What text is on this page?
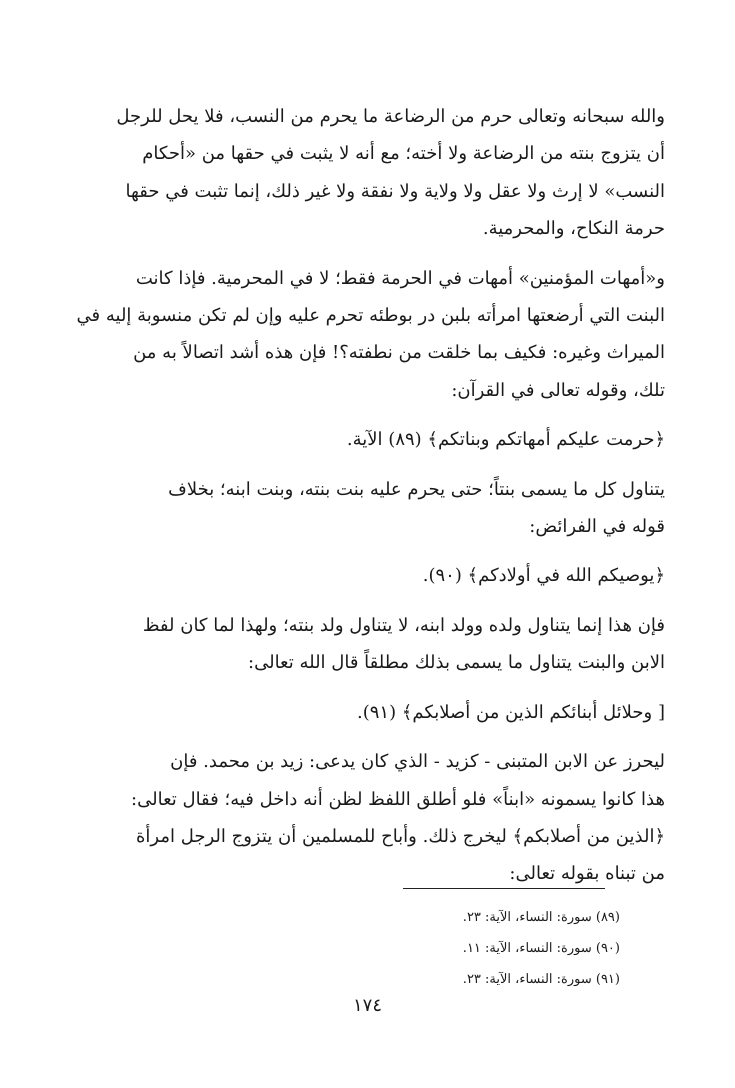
والله سبحانه وتعالى حرم من الرضاعة ما يحرم من النسب، فلا يحل للرجل

أن يتزوج بنته من الرضاعة ولا أخته؛ مع أنه لا يثبت في حقها من «أحكام

النسب» لا إرث ولا عقل ولا ولاية ولا نفقة ولا غير ذلك، إنما تثبت في حقها

حرمة النكاح، والمحرمية.

و«أمهات المؤمنين» أمهات في الحرمة فقط؛ لا في المحرمية. فإذا كانت

البنت التي أرضعتها امرأته بلبن در بوطئه تحرم عليه وإن لم تكن منسوبة إليه في

الميراث وغيره: فكيف بما خلقت من نطفته؟! فإن هذه أشد اتصالاً به من

تلك، وقوله تعالى في القرآن:

﴿حرمت عليكم أمهاتكم وبناتكم﴾ (٨٩) الآية.

يتناول كل ما يسمى بنتاً؛ حتى يحرم عليه بنت بنته، وبنت ابنه؛ بخلاف

قوله في الفرائض:

﴿يوصيكم الله في أولادكم﴾ (٩٠).

فإن هذا إنما يتناول ولده وولد ابنه، لا يتناول ولد بنته؛ ولهذا لما كان لفظ

الابن والبنت يتناول ما يسمى بذلك مطلقاً قال الله تعالى:

[ وحلائل أبنائكم الذين من أصلابكم﴾ (٩١).

ليحرز عن الابن المتبنى - كزيد - الذي كان يدعى: زيد بن محمد. فإن

هذا كانوا يسمونه «ابناً» فلو أطلق اللفظ لظن أنه داخل فيه؛ فقال تعالى:

﴿الذين من أصلابكم﴾ ليخرج ذلك. وأباح للمسلمين أن يتزوج الرجل امرأة

من تبناه بقوله تعالى:

(٨٩) سورة: النساء، الآية: ٢٣.
(٩٠) سورة: النساء، الآية: ١١.
(٩١) سورة: النساء، الآية: ٢٣.
١٧٤
